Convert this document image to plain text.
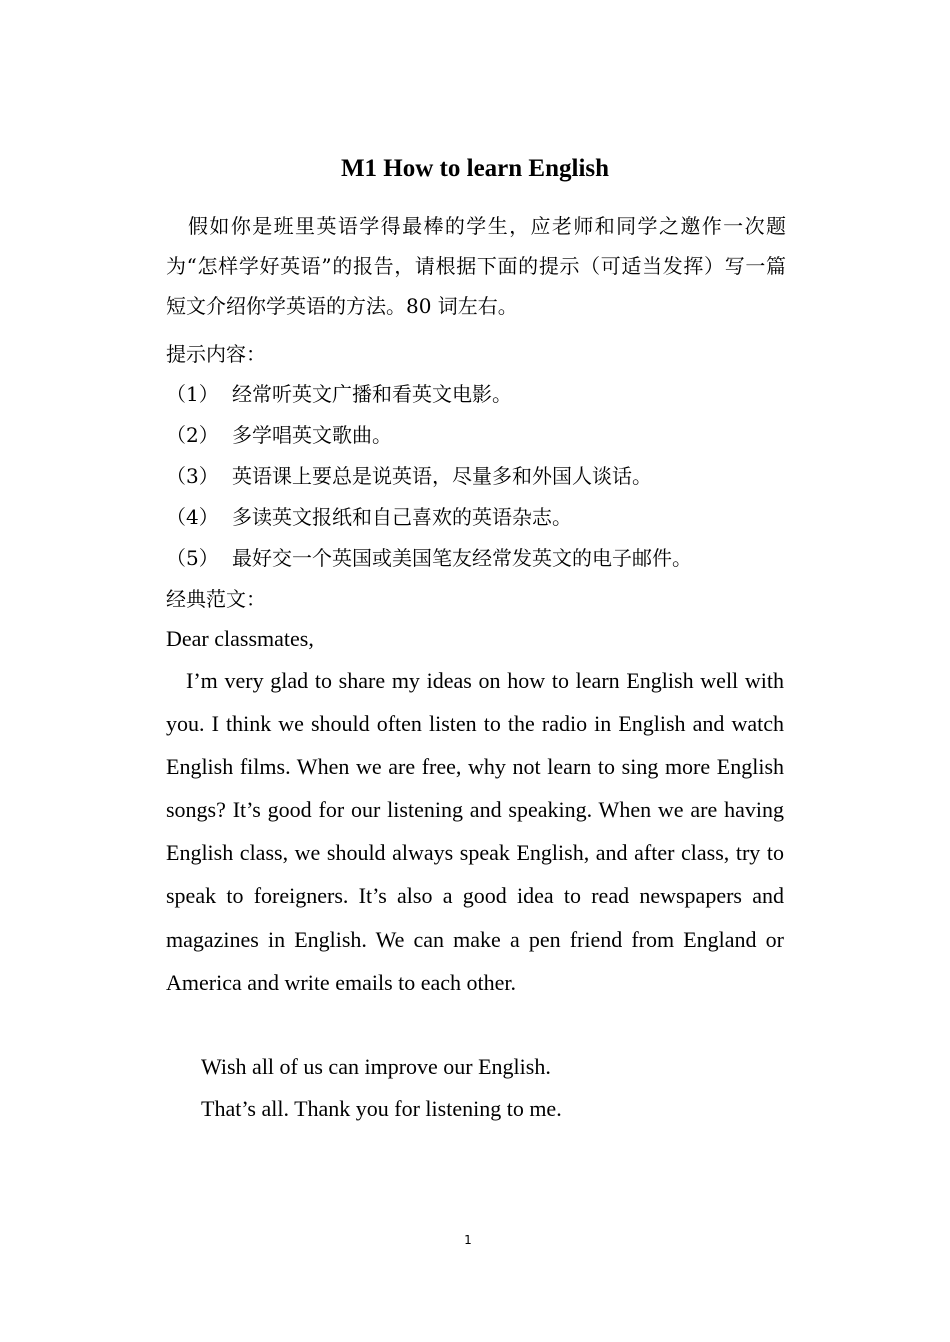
M1 How to learn English
假如你是班里英语学得最棒的学生，应老师和同学之邀作一次题为“怎样学好英语”的报告，请根据下面的提示（可适当发挥）写一篇短文介绍你学英语的方法。80 词左右。
提示内容：
（1） 经常听英文广播和看英文电影。
（2） 多学唱英文歌曲。
（3） 英语课上要总是说英语，尽量多和外国人谈话。
（4） 多读英文报纸和自己喜欢的英语杂志。
（5） 最好交一个英国或美国笔友经常发英文的电子邮件。
经典范文：
Dear classmates,

I’m very glad to share my ideas on how to learn English well with you. I think we should often listen to the radio in English and watch English films. When we are free, why not learn to sing more English songs? It’s good for our listening and speaking. When we are having English class, we should always speak English, and after class, try to speak to foreigners. It’s also a good idea to read newspapers and magazines in English. We can make a pen friend from England or America and write emails to each other.

Wish all of us can improve our English.
That’s all. Thank you for listening to me.
1
